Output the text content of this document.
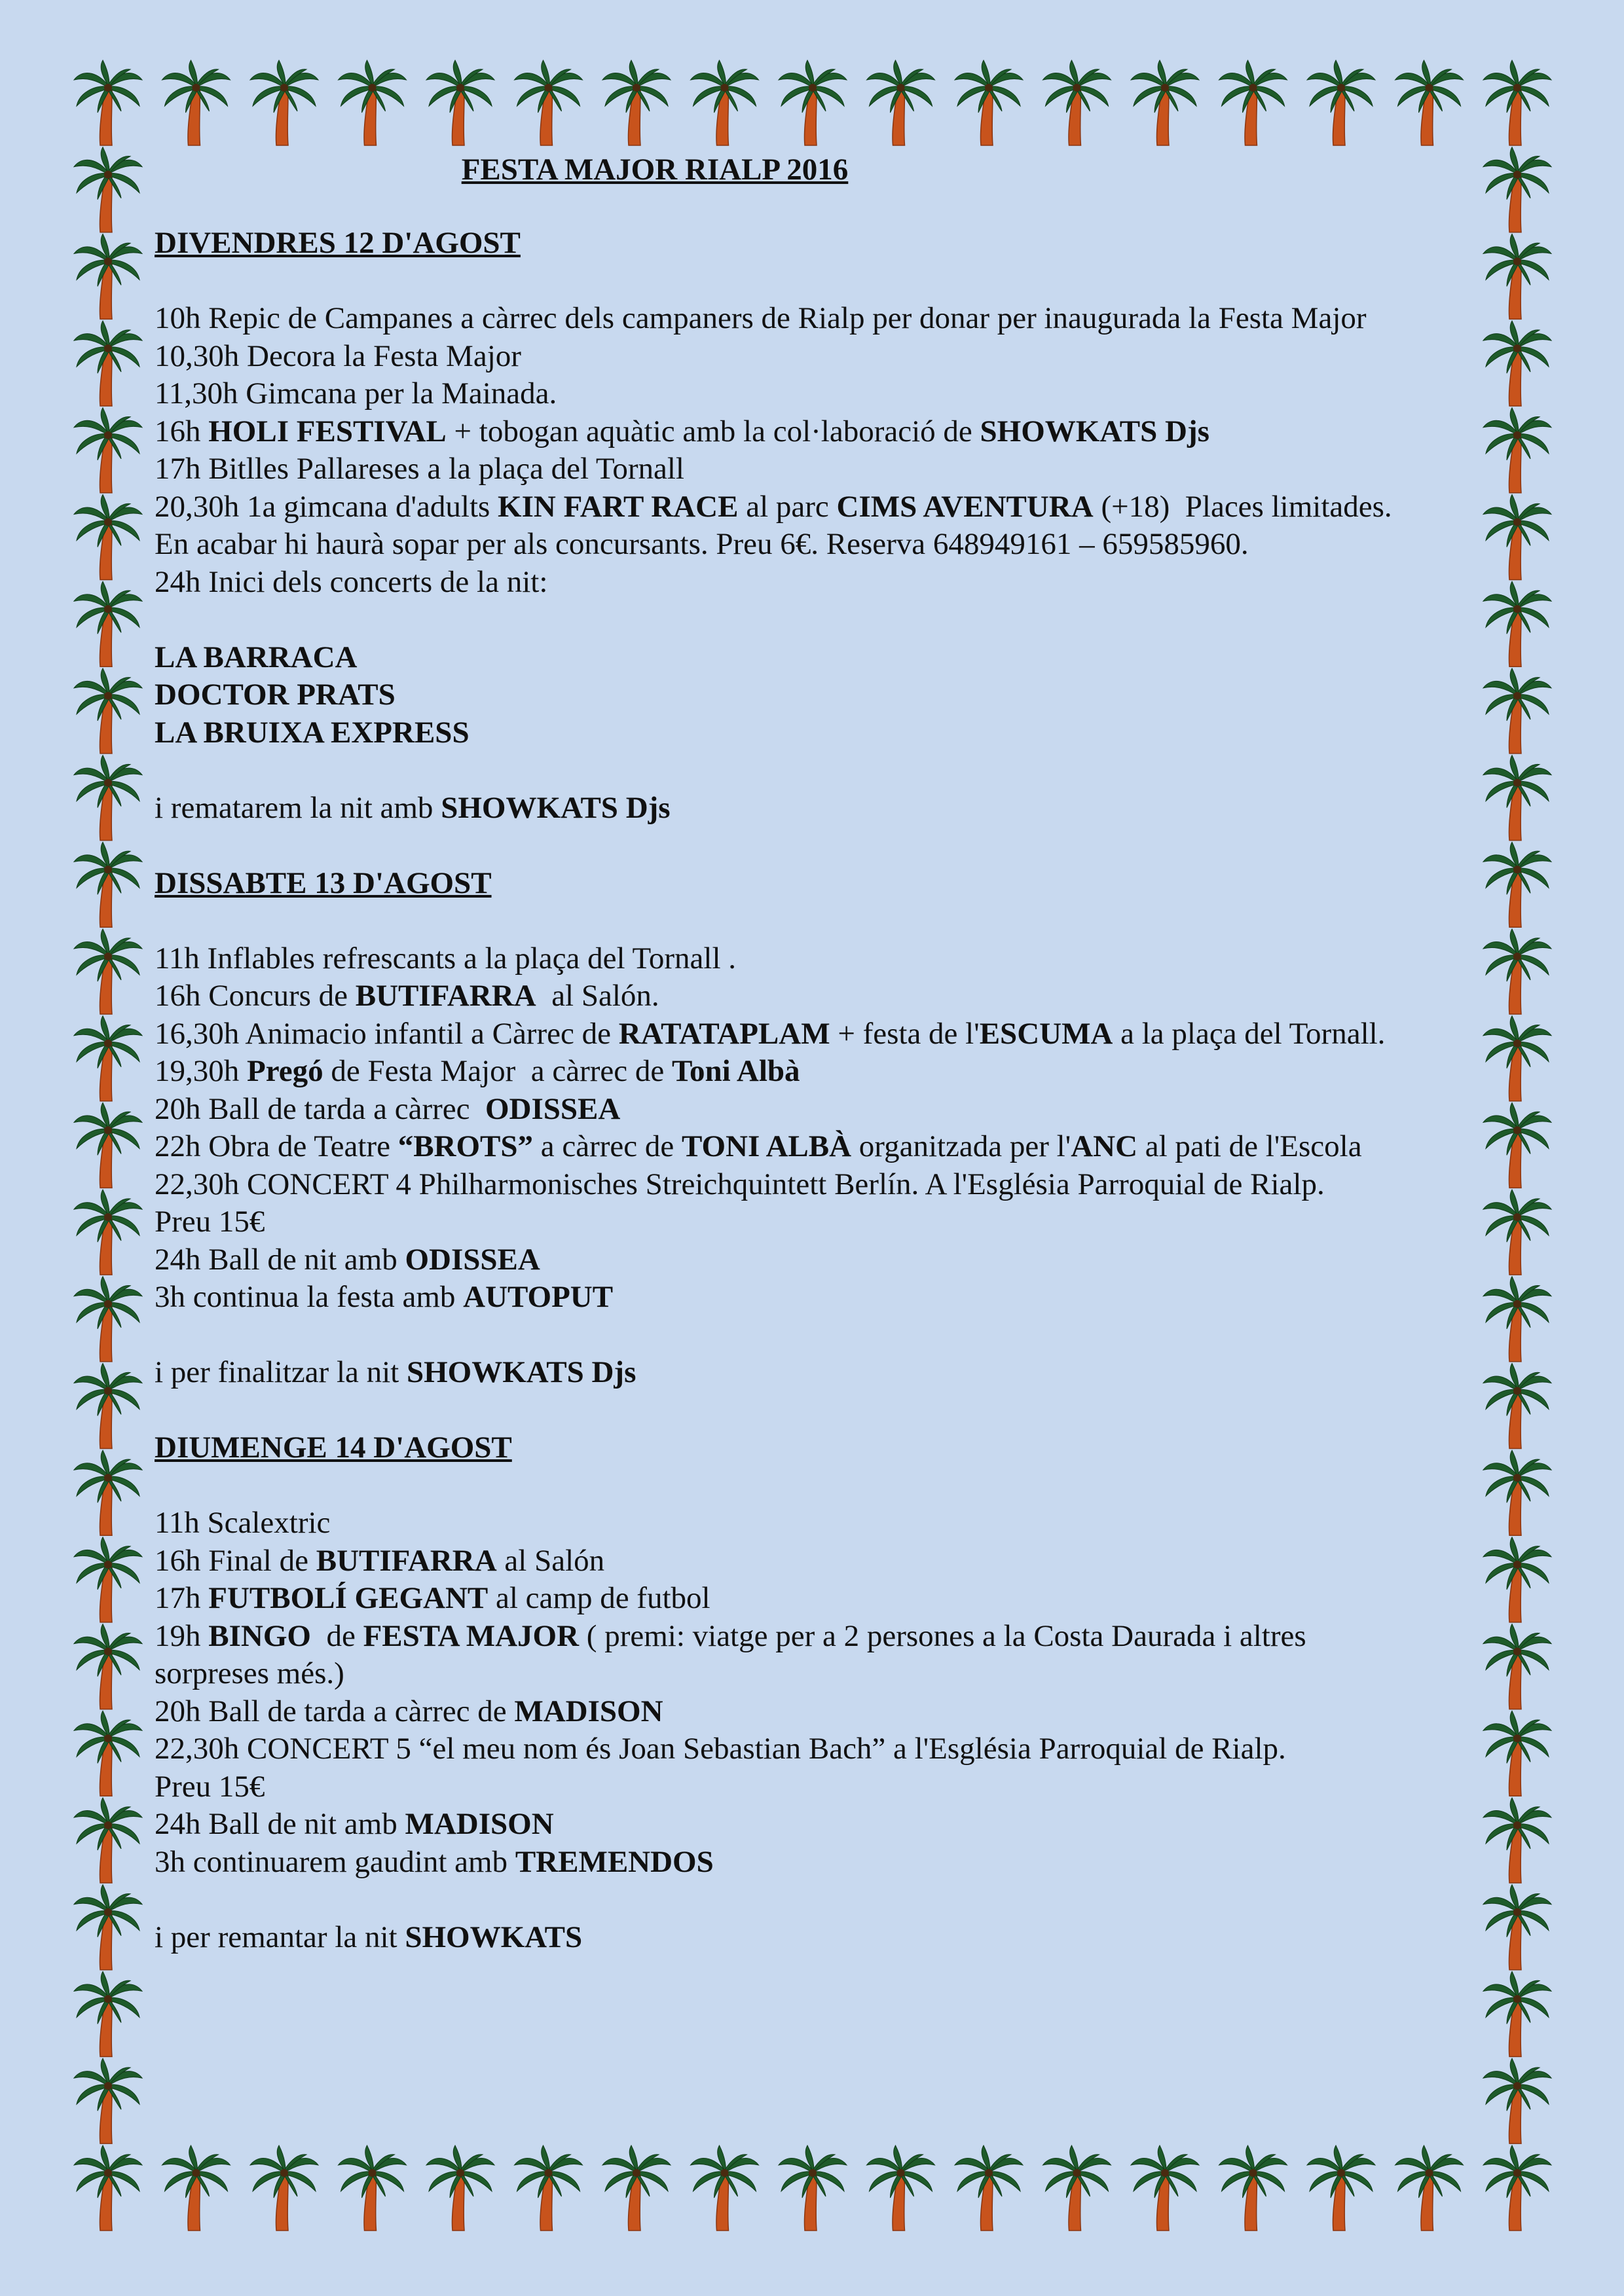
FESTA MAJOR RIALP 2016
DIVENDRES 12 D'AGOST
10h Repic de Campanes a càrrec dels campaners de Rialp per donar per inaugurada la Festa Major
10,30h Decora la Festa Major
11,30h Gimcana per la Mainada.
16h HOLI FESTIVAL + tobogan aquàtic amb la col·laboració de SHOWKATS Djs
17h Bitlles Pallareses a la plaça del Tornall
20,30h 1a gimcana d'adults KIN FART RACE al parc CIMS AVENTURA (+18)  Places limitades.
En acabar hi haurà sopar per als concursants. Preu 6€. Reserva 648949161 – 659585960.
24h Inici dels concerts de la nit:
LA BARRACA
DOCTOR PRATS
LA BRUIXA EXPRESS
i rematarem la nit amb SHOWKATS Djs
DISSABTE 13 D'AGOST
11h Inflables refrescants a la plaça del Tornall .
16h Concurs de BUTIFARRA  al Salón.
16,30h Animacio infantil a Càrrec de RATATAPLAM + festa de l'ESCUMA a la plaça del Tornall.
19,30h Pregó de Festa Major  a càrrec de Toni Albà
20h Ball de tarda a càrrec  ODISSEA
22h Obra de Teatre “BROTS” a càrrec de TONI ALBÀ organitzada per l'ANC al pati de l'Escola
22,30h CONCERT 4 Philharmonisches Streichquintett Berlín. A l'Església Parroquial de Rialp.
Preu 15€
24h Ball de nit amb ODISSEA
3h continua la festa amb AUTOPUT
i per finalitzar la nit SHOWKATS Djs
DIUMENGE 14 D'AGOST
11h Scalextric
16h Final de BUTIFARRA al Salón
17h FUTBOLÍ GEGANT al camp de futbol
19h BINGO  de FESTA MAJOR ( premi: viatge per a 2 persones a la Costa Daurada i altres
sorpreses més.)
20h Ball de tarda a càrrec de MADISON
22,30h CONCERT 5 “el meu nom és Joan Sebastian Bach” a l'Església Parroquial de Rialp.
Preu 15€
24h Ball de nit amb MADISON
3h continuarem gaudint amb TREMENDOS
i per remantar la nit SHOWKATS
